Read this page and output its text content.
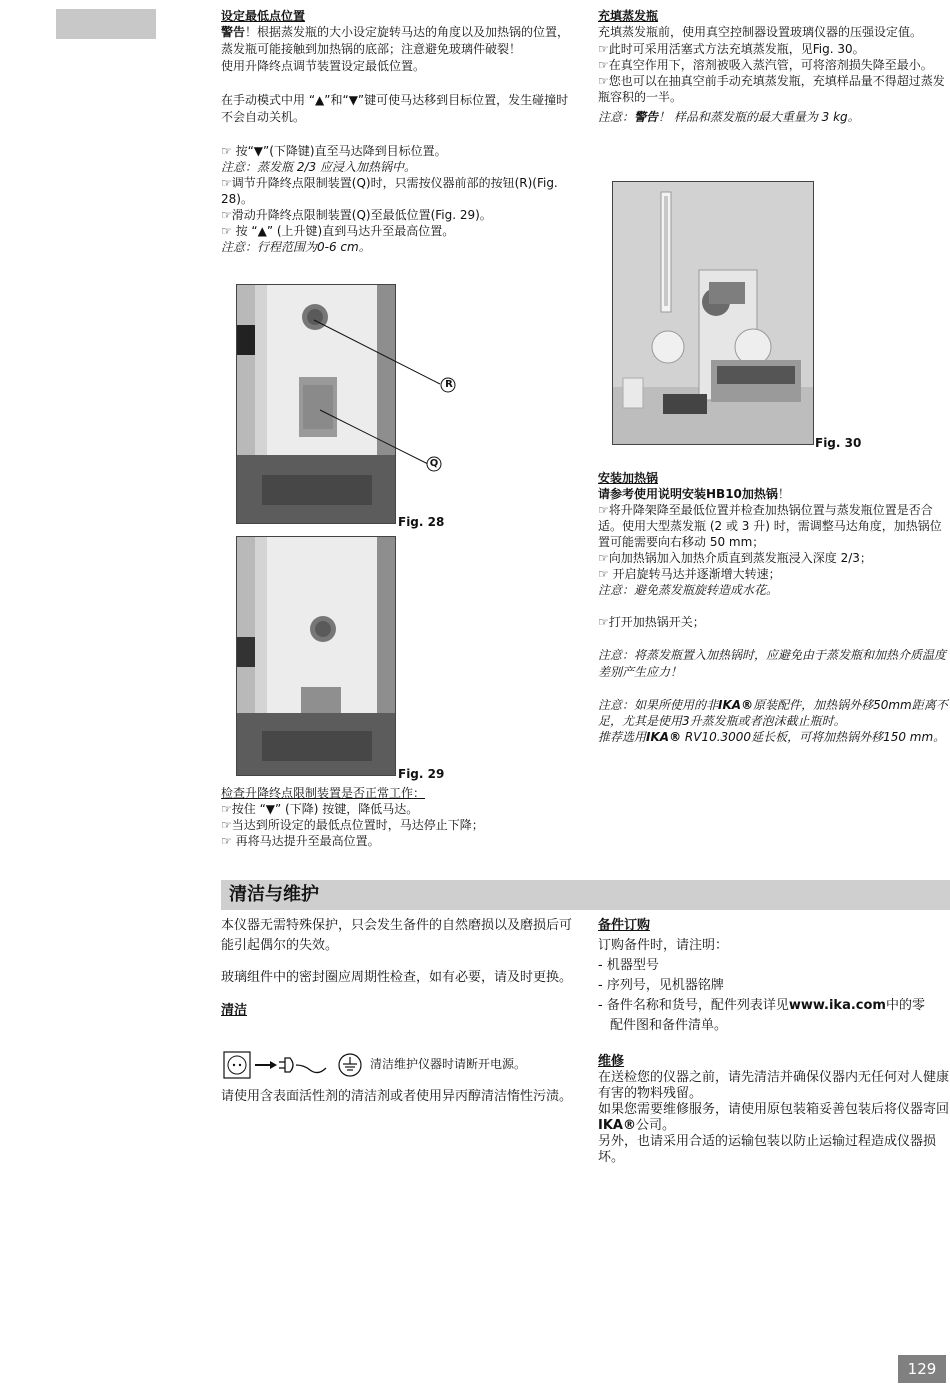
设定最低点位置

警告！根据蒸发瓶的大小设定旋转马达的角度以及加热锅的位置，蒸发瓶可能接触到加热锅的底部；注意避免玻璃件破裂！

使用升降终点调节装置设定最低位置。

在手动模式中用 “▲”和“▼”键可使马达移到目标位置，发生碰撞时不会自动关机。

☞ 按“▼”(下降键)直至马达降到目标位置。

注意：蒸发瓶 2/3 应浸入加热锅中。

☞调节升降终点限制装置(Q)时，只需按仪器前部的按钮(R)(Fig. 28)。

☞滑动升降终点限制装置(Q)至最低位置(Fig. 29)。

☞ 按 “▲” (上升键)直到马达升至最高位置。

注意：行程范围为0-6 cm。

R
Q
Fig. 28
Fig. 29

检查升降终点限制装置是否正常工作：

☞按住 “▼” (下降) 按键，降低马达。

☞当达到所设定的最低点位置时，马达停止下降；

☞ 再将马达提升至最高位置。

充填蒸发瓶

充填蒸发瓶前，使用真空控制器设置玻璃仪器的压强设定值。

☞此时可采用活塞式方法充填蒸发瓶，见Fig. 30。

☞在真空作用下，溶剂被吸入蒸汽管，可将溶剂损失降至最小。

☞您也可以在抽真空前手动充填蒸发瓶，充填样品量不得超过蒸发瓶容积的一半。

注意：警告！ 样品和蒸发瓶的最大重量为 3 kg。

Fig. 30

安装加热锅

请参考使用说明安装HB10加热锅！

☞将升降架降至最低位置并检查加热锅位置与蒸发瓶位置是否合适。使用大型蒸发瓶 (2 或 3 升) 时，需调整马达角度，加热锅位置可能需要向右移动 50 mm；

☞向加热锅加入加热介质直到蒸发瓶浸入深度 2/3；

☞ 开启旋转马达并逐渐增大转速；

注意：避免蒸发瓶旋转造成水花。

☞打开加热锅开关；

注意：将蒸发瓶置入加热锅时，应避免由于蒸发瓶和加热介质温度差别产生应力！

注意：如果所使用的非IKA®原装配件，加热锅外移50mm距离不足，尤其是使用3升蒸发瓶或者泡沫截止瓶时。

推荐选用IKA® RV10.3000延长板，可将加热锅外移150 mm。

清洁与维护

本仪器无需特殊保护，只会发生备件的自然磨损以及磨损后可能引起偶尔的失效。

玻璃组件中的密封圈应周期性检查，如有必要，请及时更换。

清洁

清洁维护仪器时请断开电源。

请使用含表面活性剂的清洁剂或者使用异丙醇清洁惰性污渍。

备件订购

订购备件时，请注明：

- 机器型号

- 序列号，见机器铭牌

- 备件名称和货号，配件列表详见www.ika.com中的零

配件图和备件清单。

维修

在送检您的仪器之前，请先清洁并确保仪器内无任何对人健康有害的物料残留。

如果您需要维修服务，请使用原包装箱妥善包装后将仪器寄回IKA®公司。

另外，也请采用合适的运输包装以防止运输过程造成仪器损坏。

129
